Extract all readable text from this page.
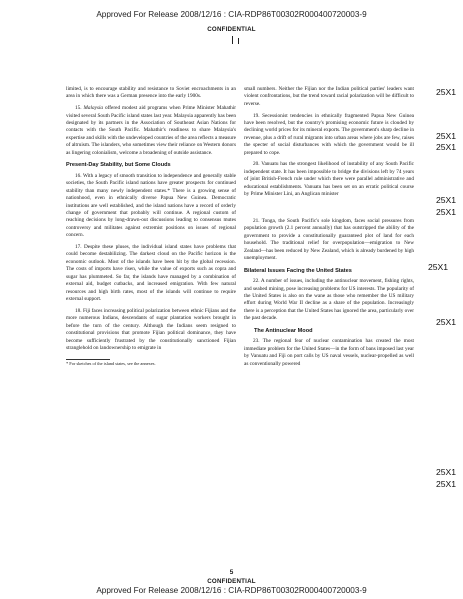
Approved For Release 2008/12/16 : CIA-RDP86T00302R000400720003-9
CONFIDENTIAL
25X1
25X1
25X1
25X1
25X1
25X1
25X1
25X1
25X1

limited, is to encourage stability and resistance to Soviet encroachments in an area in which there was a German presence into the early 1900s.

15. Malaysia offered modest aid programs when Prime Minister Mahathir visited several South Pacific island states last year. Malaysia apparently has been designated by its partners in the Association of Southeast Asian Nations for contacts with the South Pacific. Mahathir's readiness to share Malaysia's expertise and skills with the undeveloped countries of the area reflects a measure of altruism. The islanders, who sometimes view their reliance on Western donors as lingering colonialism, welcome a broadening of outside assistance.

Present-Day Stability, but Some Clouds

16. With a legacy of smooth transition to independence and generally stable societies, the South Pacific island nations have greater prospects for continued stability than many newly independent states.* There is a growing sense of nationhood, even in ethnically diverse Papua New Guinea. Democratic institutions are well established, and the island nations have a record of orderly change of government that probably will continue. A regional custom of reaching decisions by long-drawn-out discussions leading to consensus mutes controversy and militates against extremist positions on issues of regional concern.

17. Despite these pluses, the individual island states have problems that could become destabilizing. The darkest cloud on the Pacific horizon is the economic outlook. Most of the islands have been hit by the global recession. The costs of imports have risen, while the value of exports such as copra and sugar has plummeted. So far, the islands have managed by a combination of external aid, budget cutbacks, and increased emigration. With few natural resources and high birth rates, most of the islands will continue to require external support.

18. Fiji faces increasing political polarization between ethnic Fijians and the more numerous Indians, descendants of sugar plantation workers brought in before the turn of the century. Although the Indians seem resigned to constitutional provisions that promote Fijian political dominance, they have become sufficiently frustrated by the constitutionally sanctioned Fijian stranglehold on landownership to emigrate in

* For sketches of the island states, see the annexes.

small numbers. Neither the Fijian nor the Indian political parties' leaders want violent confrontations, but the trend toward racial polarization will be difficult to reverse.

19. Secessionist tendencies in ethnically fragmented Papua New Guinea have been resolved, but the country's promising economic future is clouded by declining world prices for its mineral exports. The government's sharp decline in revenue, plus a drift of rural migrants into urban areas where jobs are few, raises the specter of social disturbances with which the government would be ill prepared to cope.

20. Vanuatu has the strongest likelihood of instability of any South Pacific independent state. It has been impossible to bridge the divisions left by 74 years of joint British-French rule under which there were parallel administrative and educational establishments. Vanuatu has been set on an erratic political course by Prime Minister Lini, an Anglican minister

21. Tonga, the South Pacific's sole kingdom, faces social pressures from population growth (2.1 percent annually) that has outstripped the ability of the government to provide a constitutionally guaranteed plot of land for each household. The traditional relief for overpopulation—emigration to New Zealand—has been reduced by New Zealand, which is already burdened by high unemployment.

Bilateral Issues Facing the United States

22. A number of issues, including the antinuclear movement, fishing rights, and seabed mining, pose increasing problems for US interests. The popularity of the United States is also on the wane as those who remember the US military effort during World War II decline as a share of the population. Increasingly there is a perception that the United States has ignored the area, particularly over the past decade.

The Antinuclear Mood

23. The regional fear of nuclear contamination has created the most immediate problem for the United States—in the form of bans imposed last year by Vanuatu and Fiji on port calls by US naval vessels, nuclear-propelled as well as conventionally powered

5
CONFIDENTIAL
Approved For Release 2008/12/16 : CIA-RDP86T00302R000400720003-9
